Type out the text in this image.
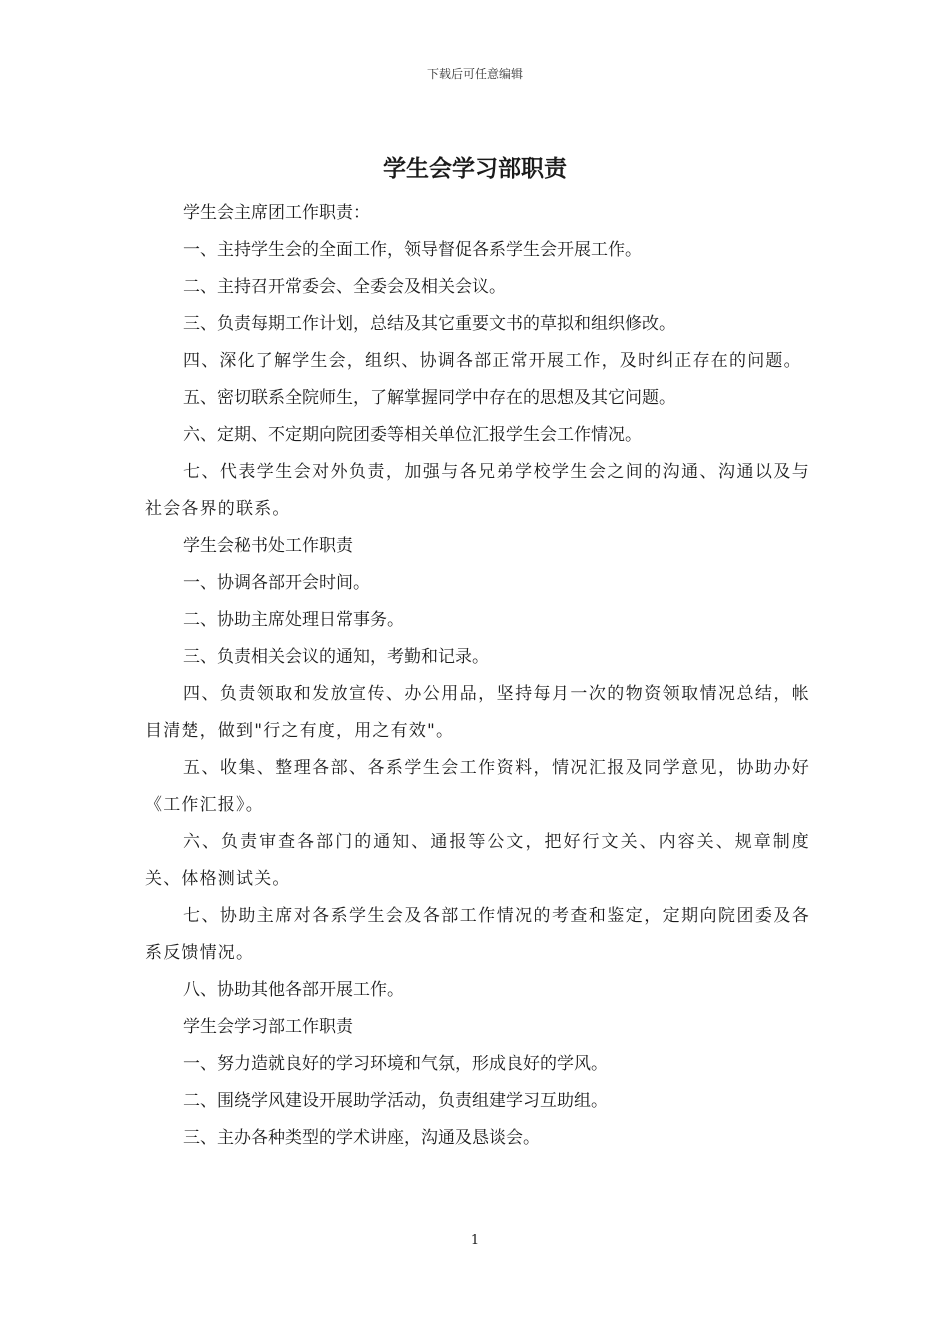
下载后可任意编辑
学生会学习部职责

学生会主席团工作职责：

一、主持学生会的全面工作，领导督促各系学生会开展工作。

二、主持召开常委会、全委会及相关会议。

三、负责每期工作计划，总结及其它重要文书的草拟和组织修改。

四、深化了解学生会，组织、协调各部正常开展工作，及时纠正存在的问题。

五、密切联系全院师生，了解掌握同学中存在的思想及其它问题。

六、定期、不定期向院团委等相关单位汇报学生会工作情况。

七、代表学生会对外负责，加强与各兄弟学校学生会之间的沟通、沟通以及与社会各界的联系。

学生会秘书处工作职责

一、协调各部开会时间。

二、协助主席处理日常事务。

三、负责相关会议的通知，考勤和记录。

四、负责领取和发放宣传、办公用品，坚持每月一次的物资领取情况总结，帐目清楚，做到"行之有度，用之有效"。

五、收集、整理各部、各系学生会工作资料，情况汇报及同学意见，协助办好《工作汇报》。

六、负责审查各部门的通知、通报等公文，把好行文关、内容关、规章制度关、体格测试关。

七、协助主席对各系学生会及各部工作情况的考查和鉴定，定期向院团委及各系反馈情况。

八、协助其他各部开展工作。

学生会学习部工作职责

一、努力造就良好的学习环境和气氛，形成良好的学风。

二、围绕学风建设开展助学活动，负责组建学习互助组。

三、主办各种类型的学术讲座，沟通及恳谈会。

1
